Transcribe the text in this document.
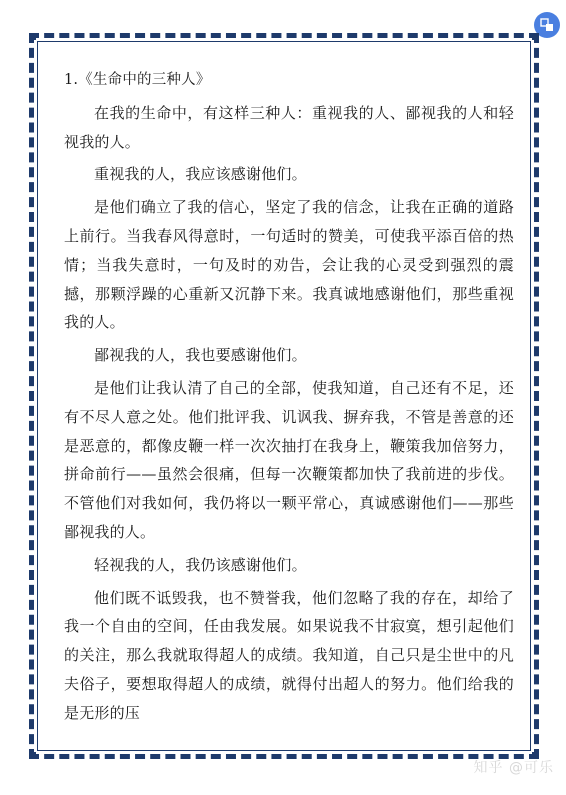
1.《生命中的三种人》

在我的生命中，有这样三种人：重视我的人、鄙视我的人和轻视我的人。

重视我的人，我应该感谢他们。

是他们确立了我的信心，坚定了我的信念，让我在正确的道路上前行。当我春风得意时，一句适时的赞美，可使我平添百倍的热情；当我失意时，一句及时的劝告，会让我的心灵受到强烈的震撼，那颗浮躁的心重新又沉静下来。我真诚地感谢他们，那些重视我的人。

鄙视我的人，我也要感谢他们。

是他们让我认清了自己的全部，使我知道，自己还有不足，还有不尽人意之处。他们批评我、讥讽我、摒弃我，不管是善意的还是恶意的，都像皮鞭一样一次次抽打在我身上，鞭策我加倍努力，拼命前行——虽然会很痛，但每一次鞭策都加快了我前进的步伐。不管他们对我如何，我仍将以一颗平常心，真诚感谢他们——那些鄙视我的人。

轻视我的人，我仍该感谢他们。

他们既不诋毁我，也不赞誉我，他们忽略了我的存在，却给了我一个自由的空间，任由我发展。如果说我不甘寂寞，想引起他们的关注，那么我就取得超人的成绩。我知道，自己只是尘世中的凡夫俗子，要想取得超人的成绩，就得付出超人的努力。他们给我的是无形的压

知乎 @可乐
